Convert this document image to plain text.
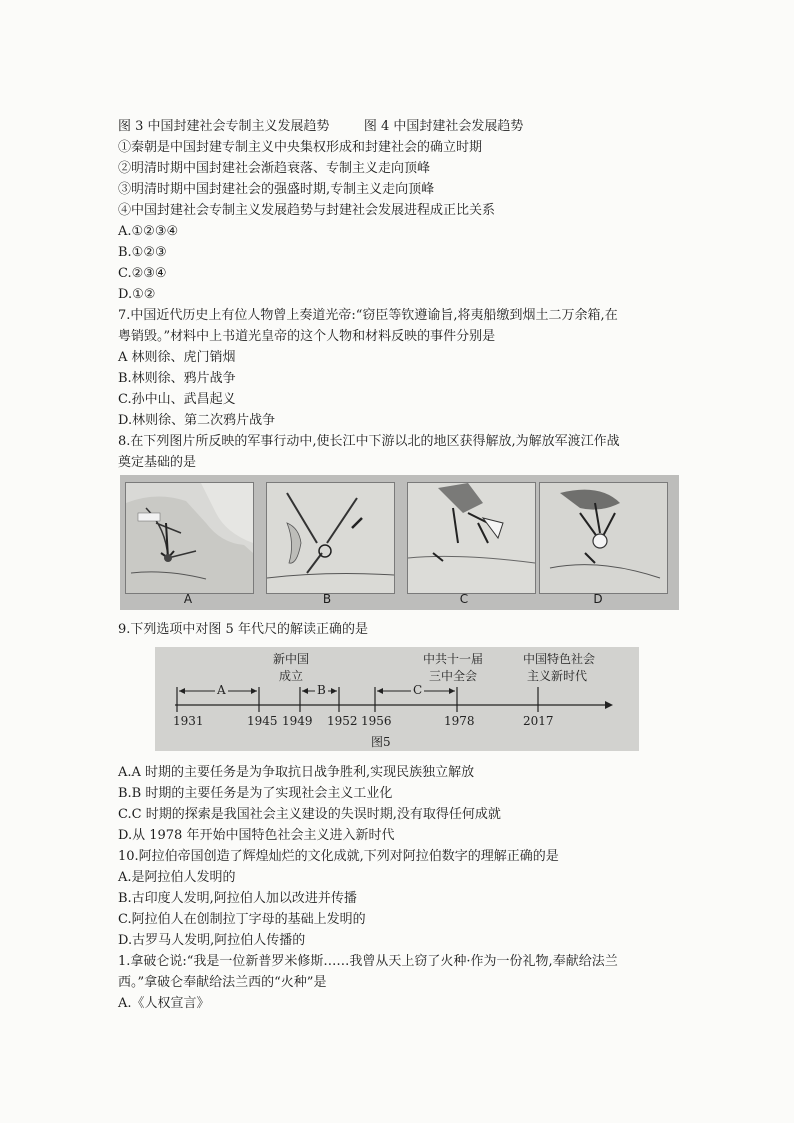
图 3 中国封建社会专制主义发展趋势	图 4 中国封建社会发展趋势
①秦朝是中国封建专制主义中央集权形成和封建社会的确立时期
②明清时期中国封建社会渐趋衰落、专制主义走向顶峰
③明清时期中国封建社会的强盛时期,专制主义走向顶峰
④中国封建社会专制主义发展趋势与封建社会发展进程成正比关系
A.①②③④
B.①②③
C.②③④
D.①②
7.中国近代历史上有位人物曾上奏道光帝:“窃臣等钦遵谕旨,将夷船缴到烟土二万余箱,在
粤销毁。”材料中上书道光皇帝的这个人物和材料反映的事件分别是
A 林则徐、虎门销烟
B.林则徐、鸦片战争
C.孙中山、武昌起义
D.林则徐、第二次鸦片战争
8.在下列图片所反映的军事行动中,使长江中下游以北的地区获得解放,为解放军渡江作战
奠定基础的是
A	B	C	D
9.下列选项中对图 5 年代尺的解读正确的是
新中国
成立
中共十一届
三中全会
中国特色社会
主义新时代
A	B	C
1931	1945 1949 1952 1956	1978	2017
图5
A.A 时期的主要任务是为争取抗日战争胜利,实现民族独立解放
B.B 时期的主要任务是为了实现社会主义工业化
C.C 时期的探索是我国社会主义建设的失误时期,没有取得任何成就
D.从 1978 年开始中国特色社会主义进入新时代
10.阿拉伯帝国创造了辉煌灿烂的文化成就,下列对阿拉伯数字的理解正确的是
A.是阿拉伯人发明的
B.古印度人发明,阿拉伯人加以改进并传播
C.阿拉伯人在创制拉丁字母的基础上发明的
D.古罗马人发明,阿拉伯人传播的
1.拿破仑说:“我是一位新普罗米修斯……我曾从天上窃了火种·作为一份礼物,奉献给法兰
西。”拿破仑奉献给法兰西的“火种”是
A.《人权宣言》
